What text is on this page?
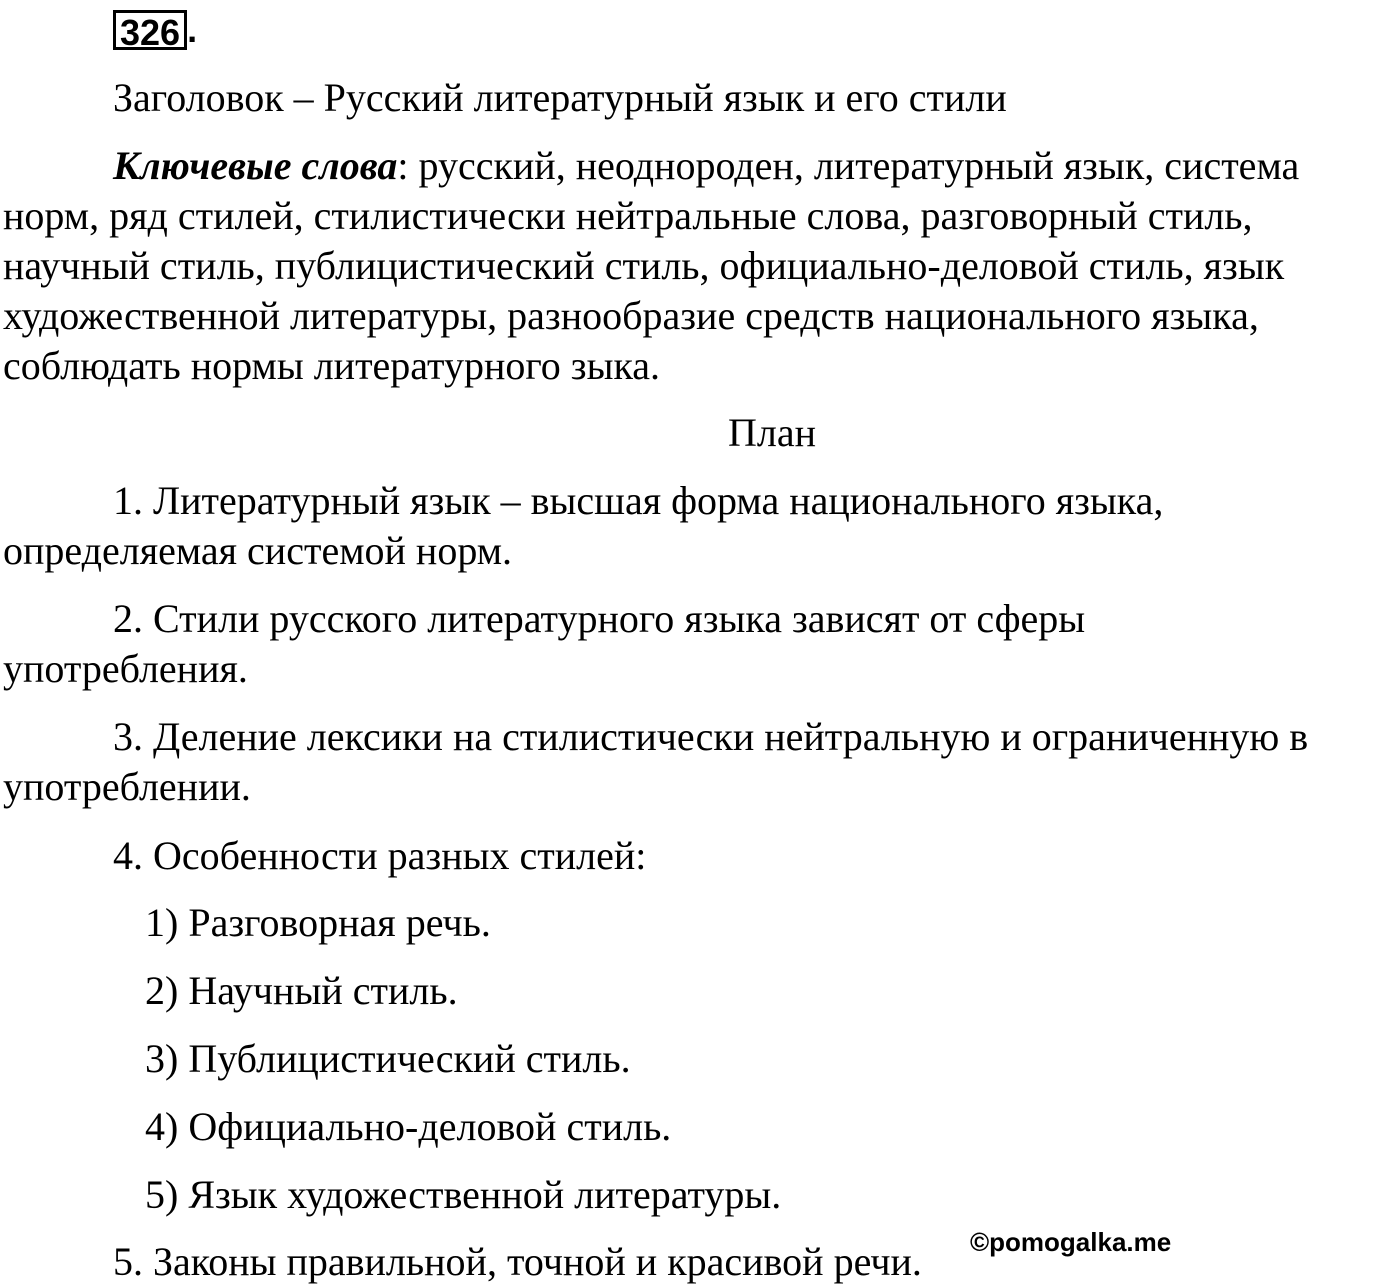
326 .
Заголовок – Русский литературный язык и его стили
Ключевые слова: русский, неоднороден, литературный язык, система
норм, ряд стилей, стилистически нейтральные слова, разговорный стиль,
научный стиль, публицистический стиль, официально-деловой стиль, язык
художественной литературы, разнообразие средств национального языка,
соблюдать нормы литературного зыка.
План
1. Литературный язык – высшая форма национального языка,
определяемая системой норм.
2. Стили русского литературного языка зависят от сферы
употребления.
3. Деление лексики на стилистически нейтральную и ограниченную в
употреблении.
4. Особенности разных стилей:
1) Разговорная речь.
2) Научный стиль.
3) Публицистический стиль.
4) Официально-деловой стиль.
5) Язык художественной литературы.
5. Законы правильной, точной и красивой речи. ©pomogalka.me
